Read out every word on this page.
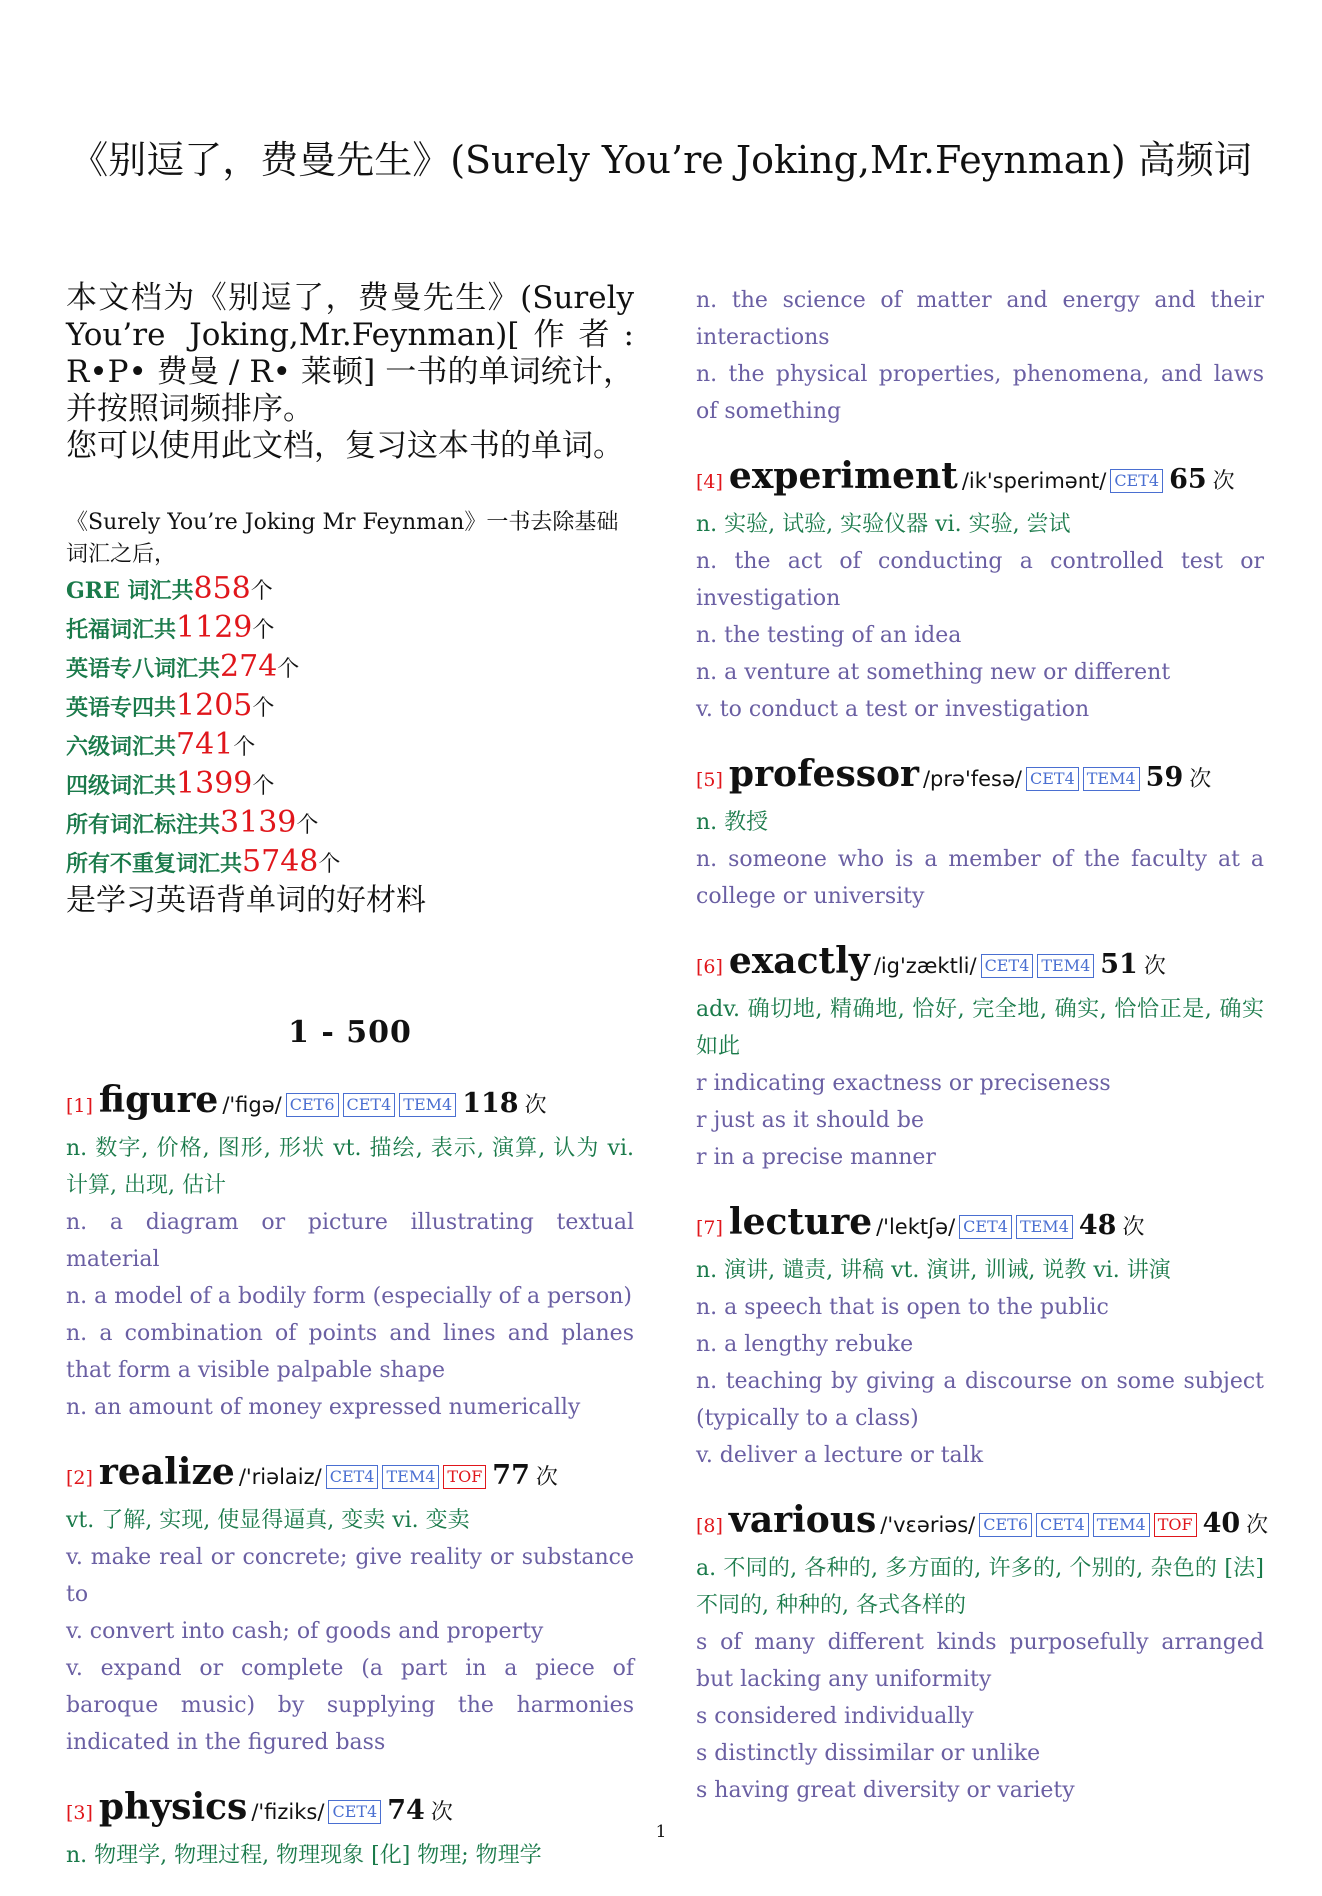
《别逗了，费曼先生》(Surely You’re Joking,Mr.Feynman) 高频词

本文档为《别逗了，费曼先生》(Surely You’re Joking,Mr.Feynman)[作者: R•P• 费曼 / R• 莱顿] 一书的单词统计，并按照词频排序。

您可以使用此文档，复习这本书的单词。

《Surely You’re Joking Mr Feynman》一书去除基础词汇之后，
GRE 词汇共858个
托福词汇共1129个
英语专八词汇共274个
英语专四共1205个
六级词汇共741个
四级词汇共1399个
所有词汇标注共3139个
所有不重复词汇共5748个
是学习英语背单词的好材料
1 - 500
[1] figure /'figə/ CET6 CET4 TEM4 118 次

n. 数字, 价格, 图形, 形状 vt. 描绘, 表示, 演算, 认为 vi. 计算, 出现, 估计

n. a diagram or picture illustrating textual material

n. a model of a bodily form (especially of a person)

n. a combination of points and lines and planes that form a visible palpable shape

n. an amount of money expressed numerically

[2] realize /'riəlaiz/ CET4 TEM4 TOF 77 次

vt. 了解, 实现, 使显得逼真, 变卖 vi. 变卖

v. make real or concrete; give reality or substance to

v. convert into cash; of goods and property

v. expand or complete (a part in a piece of baroque music) by supplying the harmonies indicated in the figured bass

[3] physics /'fiziks/ CET4 74 次

n. 物理学, 物理过程, 物理现象 [化] 物理; 物理学

n. the science of matter and energy and their interactions

n. the physical properties, phenomena, and laws of something

[4] experiment /ik'sperimənt/ CET4 65 次

n. 实验, 试验, 实验仪器 vi. 实验, 尝试

n. the act of conducting a controlled test or investigation

n. the testing of an idea

n. a venture at something new or different

v. to conduct a test or investigation

[5] professor /prə'fesə/ CET4 TEM4 59 次

n. 教授

n. someone who is a member of the faculty at a college or university

[6] exactly /ig'zæktli/ CET4 TEM4 51 次

adv. 确切地, 精确地, 恰好, 完全地, 确实, 恰恰正是, 确实如此

r indicating exactness or preciseness

r just as it should be

r in a precise manner

[7] lecture /'lektʃə/ CET4 TEM4 48 次

n. 演讲, 谴责, 讲稿 vt. 演讲, 训诫, 说教 vi. 讲演

n. a speech that is open to the public

n. a lengthy rebuke

n. teaching by giving a discourse on some subject (typically to a class)

v. deliver a lecture or talk

[8] various /'vɛəriəs/ CET6 CET4 TEM4 TOF 40 次

a. 不同的, 各种的, 多方面的, 许多的, 个别的, 杂色的 [法] 不同的, 种种的, 各式各样的

s of many different kinds purposefully arranged but lacking any uniformity

s considered individually

s distinctly dissimilar or unlike

s having great diversity or variety

1
